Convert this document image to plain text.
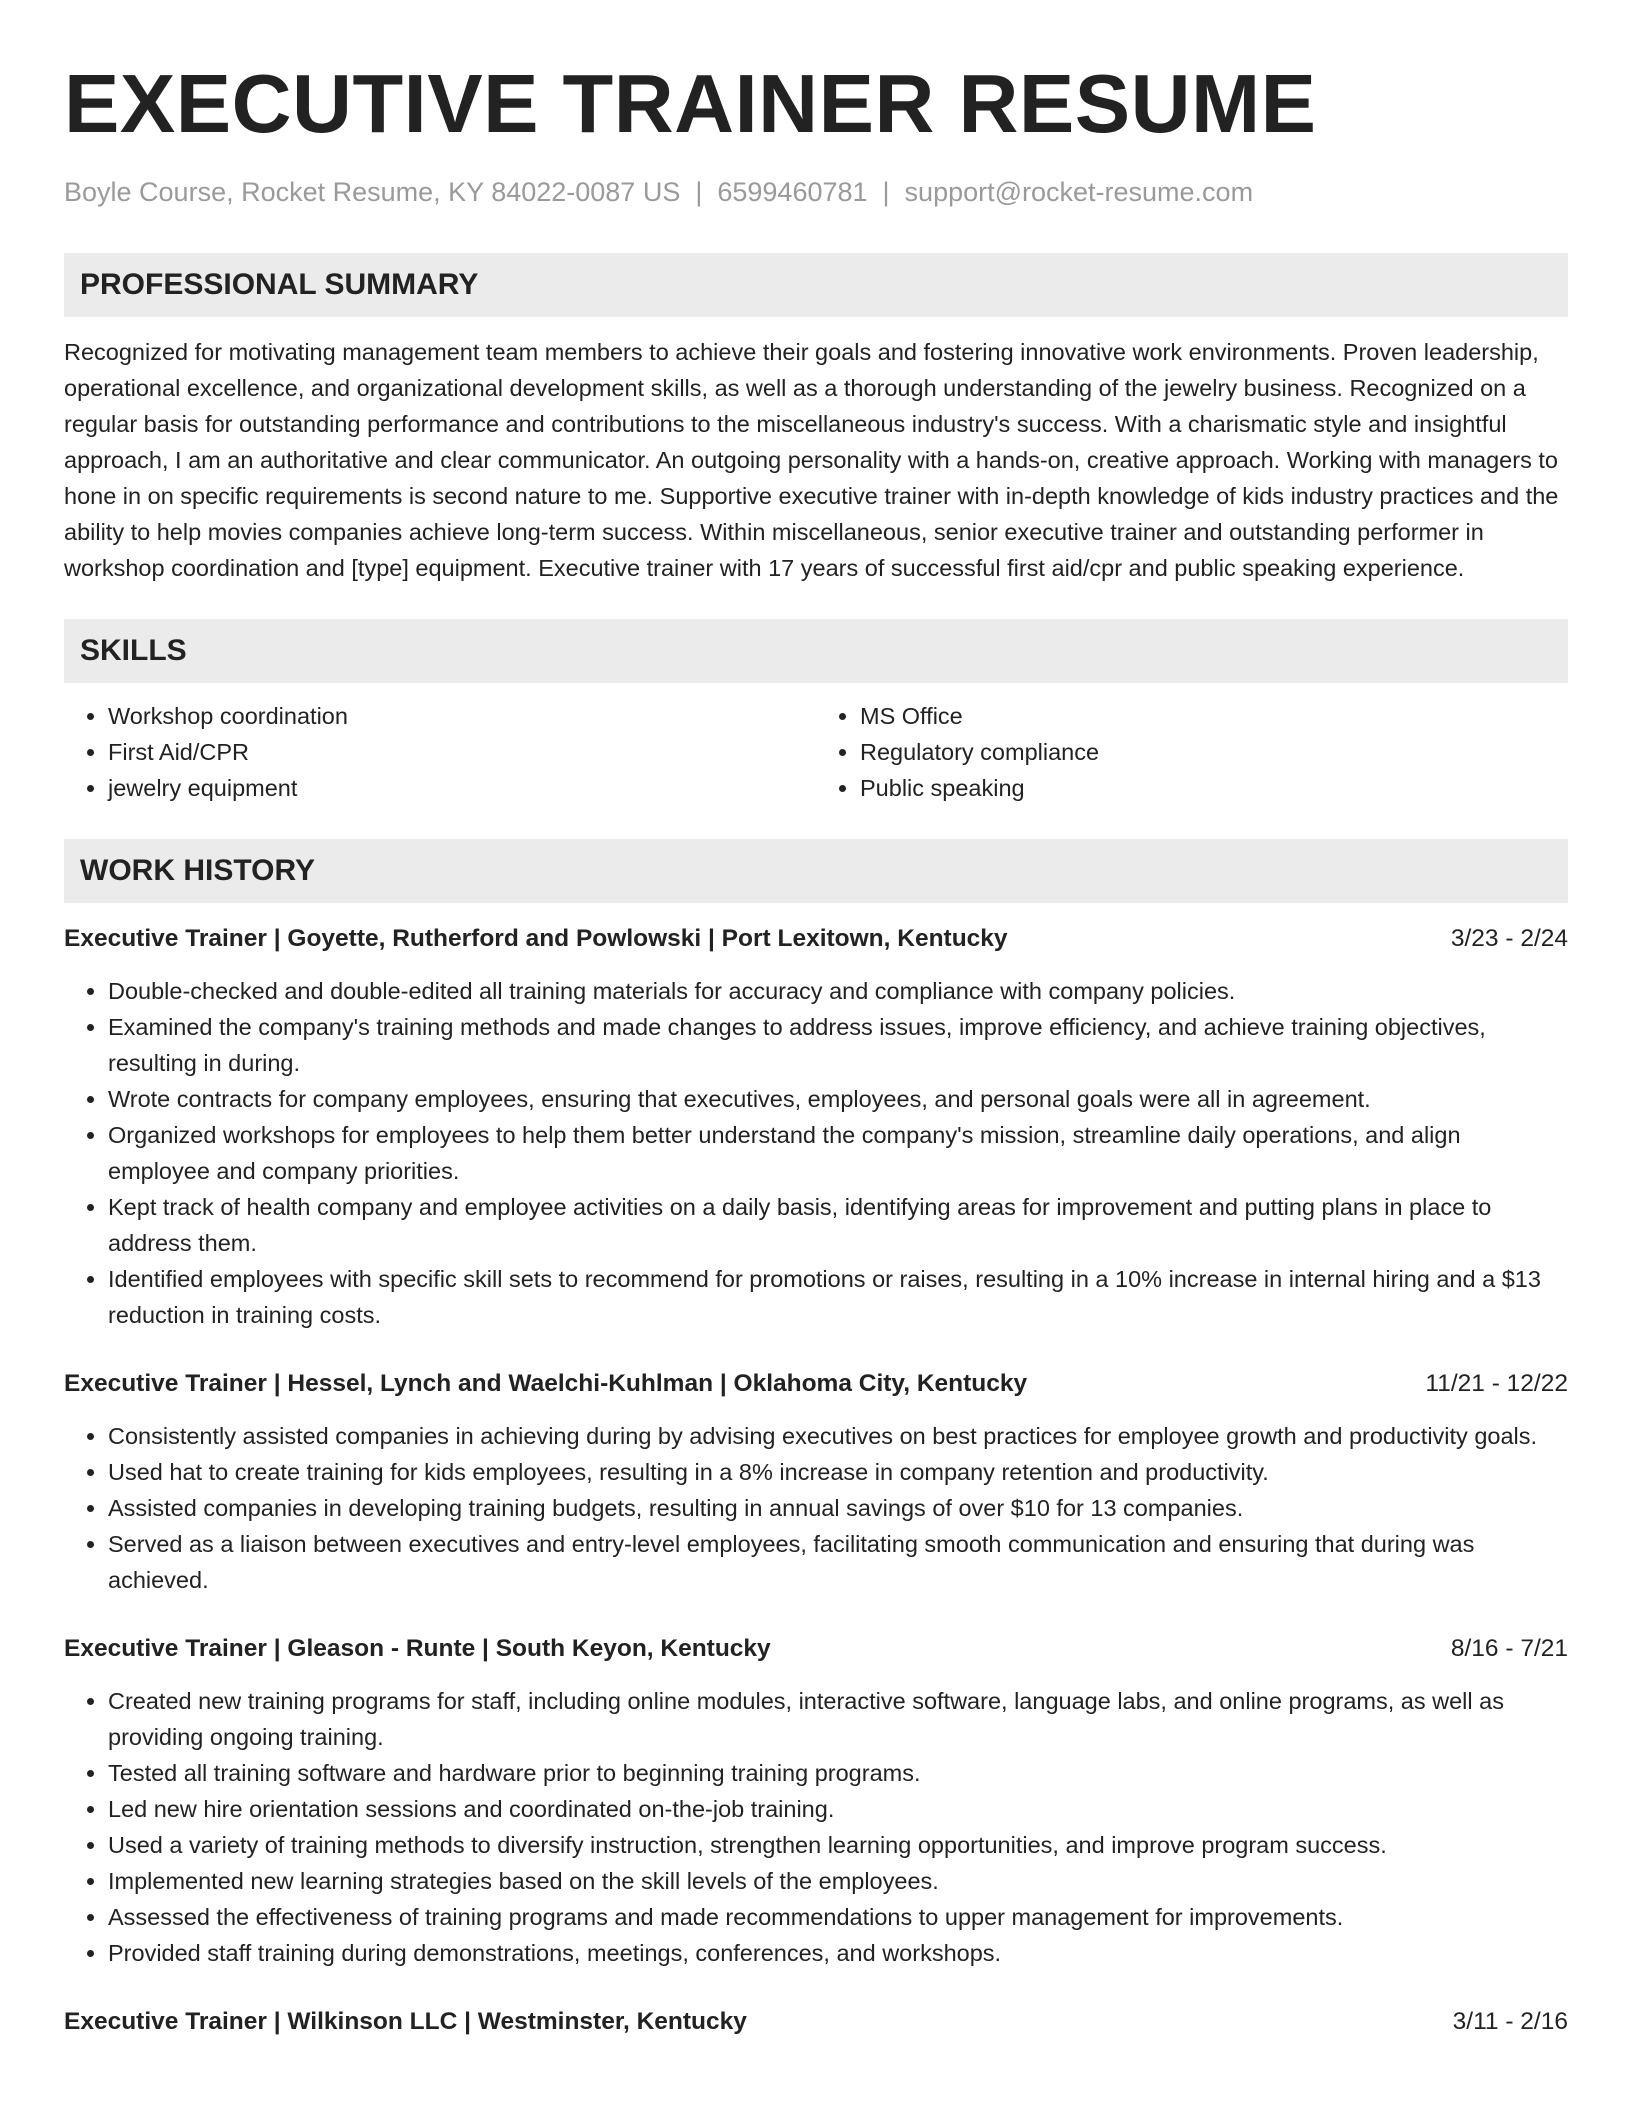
EXECUTIVE TRAINER RESUME
Boyle Course, Rocket Resume, KY 84022-0087 US | 6599460781 | support@rocket-resume.com
PROFESSIONAL SUMMARY

Recognized for motivating management team members to achieve their goals and fostering innovative work environments. Proven leadership, operational excellence, and organizational development skills, as well as a thorough understanding of the jewelry business. Recognized on a regular basis for outstanding performance and contributions to the miscellaneous industry's success. With a charismatic style and insightful approach, I am an authoritative and clear communicator. An outgoing personality with a hands-on, creative approach. Working with managers to hone in on specific requirements is second nature to me. Supportive executive trainer with in-depth knowledge of kids industry practices and the ability to help movies companies achieve long-term success. Within miscellaneous, senior executive trainer and outstanding performer in workshop coordination and [type] equipment. Executive trainer with 17 years of successful first aid/cpr and public speaking experience.

SKILLS
• Workshop coordination
• First Aid/CPR
• jewelry equipment
• MS Office
• Regulatory compliance
• Public speaking
WORK HISTORY
Executive Trainer | Goyette, Rutherford and Powlowski | Port Lexitown, Kentucky	3/23 - 2/24
• Double-checked and double-edited all training materials for accuracy and compliance with company policies.
• Examined the company's training methods and made changes to address issues, improve efficiency, and achieve training objectives, resulting in during.
• Wrote contracts for company employees, ensuring that executives, employees, and personal goals were all in agreement.
• Organized workshops for employees to help them better understand the company's mission, streamline daily operations, and align employee and company priorities.
• Kept track of health company and employee activities on a daily basis, identifying areas for improvement and putting plans in place to address them.
• Identified employees with specific skill sets to recommend for promotions or raises, resulting in a 10% increase in internal hiring and a $13 reduction in training costs.
Executive Trainer | Hessel, Lynch and Waelchi-Kuhlman | Oklahoma City, Kentucky	11/21 - 12/22
• Consistently assisted companies in achieving during by advising executives on best practices for employee growth and productivity goals.
• Used hat to create training for kids employees, resulting in a 8% increase in company retention and productivity.
• Assisted companies in developing training budgets, resulting in annual savings of over $10 for 13 companies.
• Served as a liaison between executives and entry-level employees, facilitating smooth communication and ensuring that during was achieved.
Executive Trainer | Gleason - Runte | South Keyon, Kentucky	8/16 - 7/21
• Created new training programs for staff, including online modules, interactive software, language labs, and online programs, as well as providing ongoing training.
• Tested all training software and hardware prior to beginning training programs.
• Led new hire orientation sessions and coordinated on-the-job training.
• Used a variety of training methods to diversify instruction, strengthen learning opportunities, and improve program success.
• Implemented new learning strategies based on the skill levels of the employees.
• Assessed the effectiveness of training programs and made recommendations to upper management for improvements.
• Provided staff training during demonstrations, meetings, conferences, and workshops.
Executive Trainer | Wilkinson LLC | Westminster, Kentucky	3/11 - 2/16
